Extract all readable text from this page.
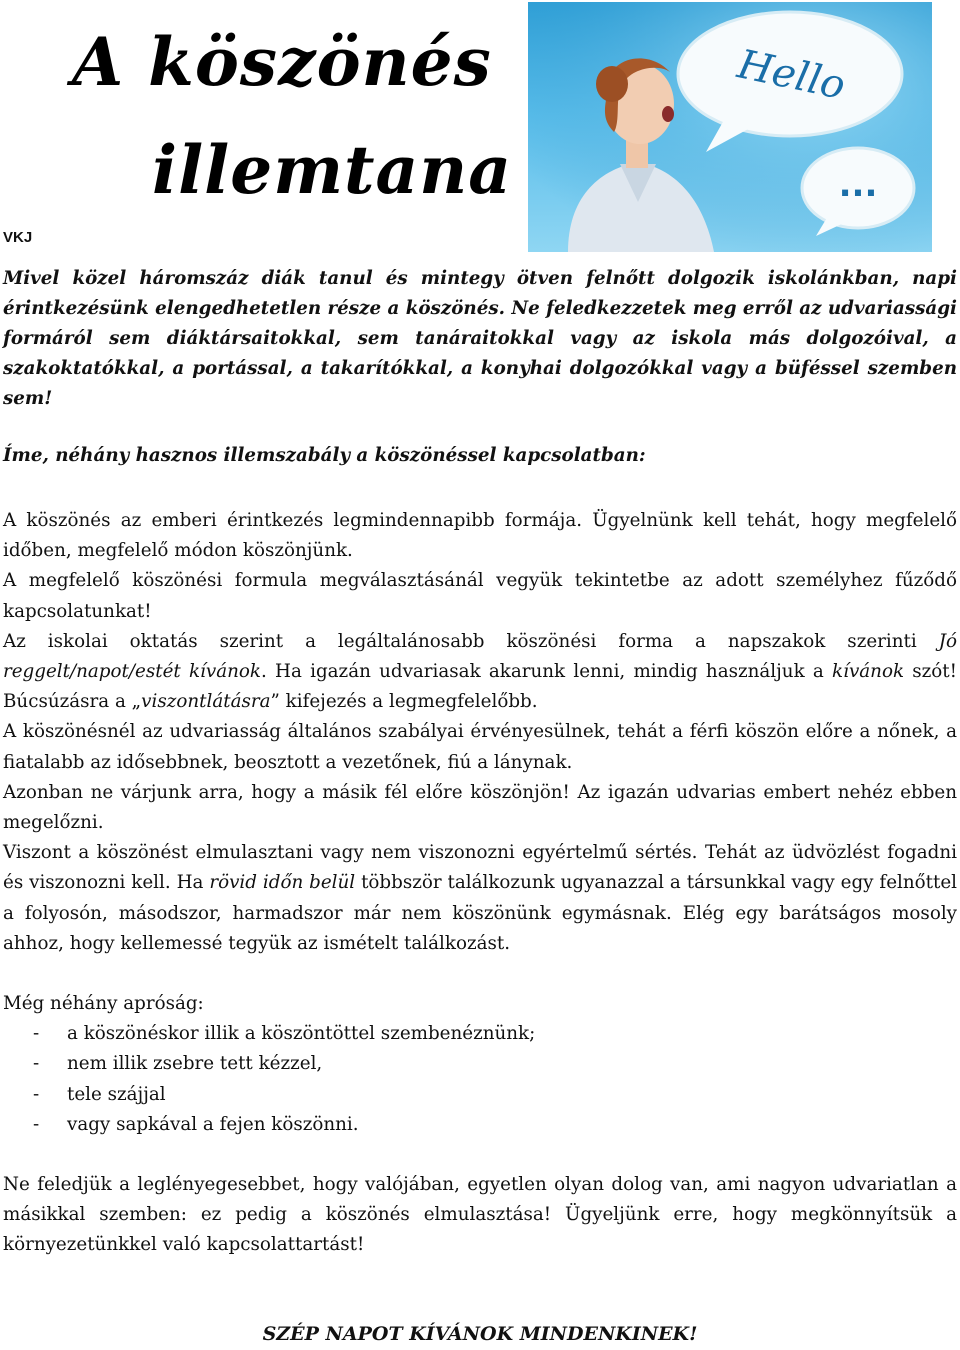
A köszönés
illemtana
VKJ
Hello
...

Mivel közel háromszáz diák tanul és mintegy ötven felnőtt dolgozik iskolánkban, napi érintkezésünk elengedhetetlen része a köszönés. Ne feledkezzetek meg erről az udvariassági formáról sem diáktársaitokkal, sem tanáraitokkal vagy az iskola más dolgozóival, a szakoktatókkal, a portással, a takarítókkal, a konyhai dolgozókkal vagy a büféssel szemben sem!

Íme, néhány hasznos illemszabály a köszönéssel kapcsolatban:

A köszönés az emberi érintkezés legmindennapibb formája. Ügyelnünk kell tehát, hogy megfelelő időben, megfelelő módon köszönjünk.

A megfelelő köszönési formula megválasztásánál vegyük tekintetbe az adott személyhez fűződő kapcsolatunkat!

Az iskolai oktatás szerint a legáltalánosabb köszönési forma a napszakok szerinti Jó reggelt/napot/estét kívánok. Ha igazán udvariasak akarunk lenni, mindig használjuk a kívánok szót! Búcsúzásra a „viszontlátásra” kifejezés a legmegfelelőbb.

A köszönésnél az udvariasság általános szabályai érvényesülnek, tehát a férfi köszön előre a nőnek, a fiatalabb az idősebbnek, beosztott a vezetőnek, fiú a lánynak.

Azonban ne várjunk arra, hogy a másik fél előre köszönjön! Az igazán udvarias embert nehéz ebben megelőzni.

Viszont a köszönést elmulasztani vagy nem viszonozni egyértelmű sértés. Tehát az üdvözlést fogadni és viszonozni kell. Ha rövid időn belül többször találkozunk ugyanazzal a társunkkal vagy egy felnőttel a folyosón, másodszor, harmadszor már nem köszönünk egymásnak. Elég egy barátságos mosoly ahhoz, hogy kellemessé tegyük az ismételt találkozást.

Még néhány apróság:

- a köszönéskor illik a köszöntöttel szembenéznünk;
- nem illik zsebre tett kézzel,
- tele szájjal
- vagy sapkával a fejen köszönni.

Ne feledjük a leglényegesebbet, hogy valójában, egyetlen olyan dolog van, ami nagyon udvariatlan a másikkal szemben: ez pedig a köszönés elmulasztása! Ügyeljünk erre, hogy megkönnyítsük a környezetünkkel való kapcsolattartást!

SZÉP NAPOT KÍVÁNOK MINDENKINEK!
